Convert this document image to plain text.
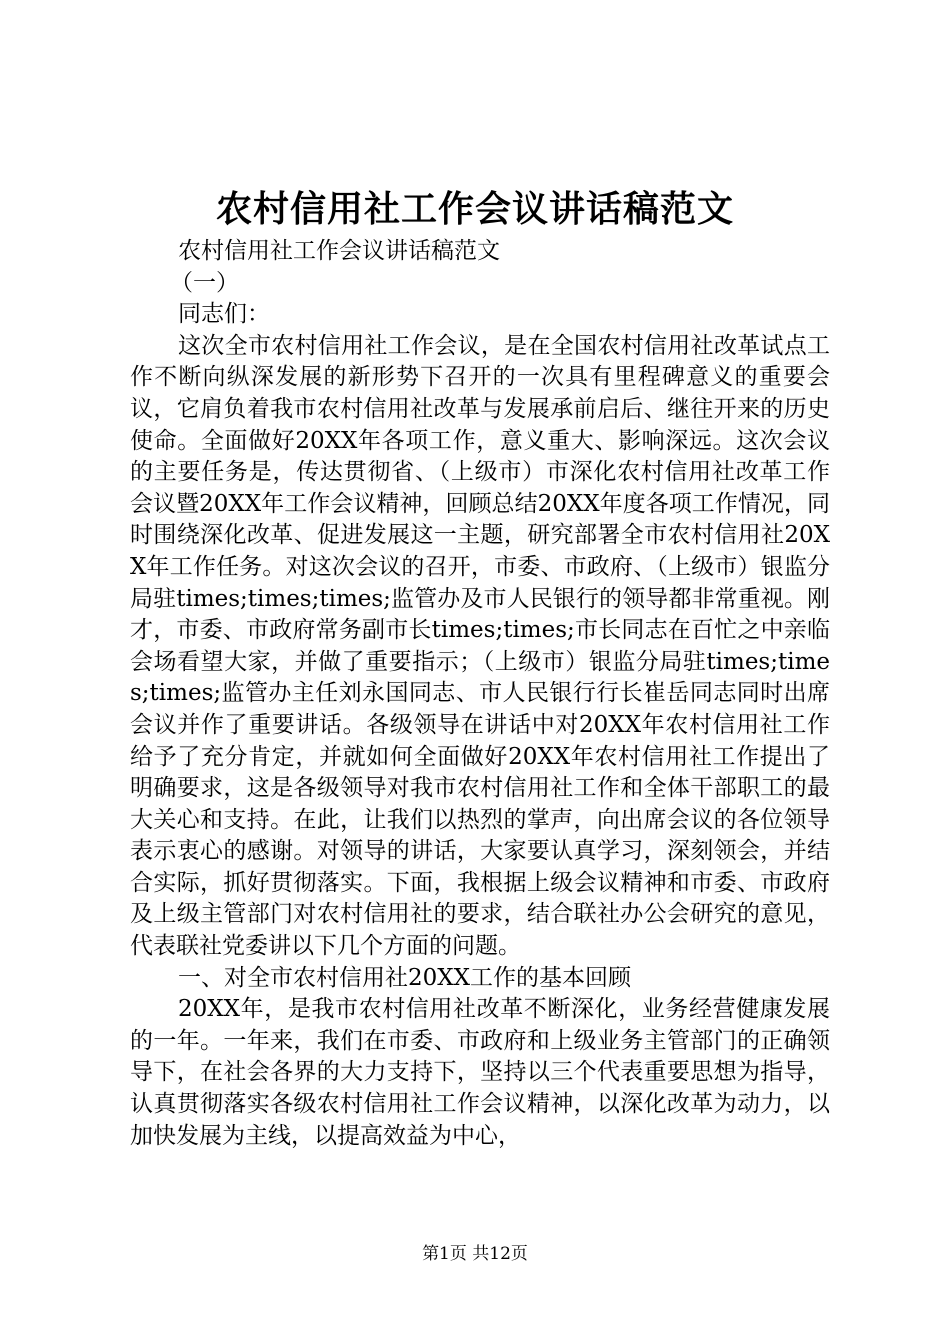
农村信用社工作会议讲话稿范文

农村信用社工作会议讲话稿范文

（一）

同志们：

这次全市农村信用社工作会议，是在全国农村信用社改革试点工作不断向纵深发展的新形势下召开的一次具有里程碑意义的重要会议，它肩负着我市农村信用社改革与发展承前启后、继往开来的历史使命。全面做好20XX年各项工作，意义重大、影响深远。这次会议的主要任务是，传达贯彻省、（上级市）市深化农村信用社改革工作会议暨20XX年工作会议精神，回顾总结20XX年度各项工作情况，同时围绕深化改革、促进发展这一主题，研究部署全市农村信用社20XX年工作任务。对这次会议的召开，市委、市政府、（上级市）银监分局驻times;times;times;监管办及市人民银行的领导都非常重视。刚才，市委、市政府常务副市长times;times;市长同志在百忙之中亲临会场看望大家，并做了重要指示；（上级市）银监分局驻times;times;times;监管办主任刘永国同志、市人民银行行长崔岳同志同时出席会议并作了重要讲话。各级领导在讲话中对20XX年农村信用社工作给予了充分肯定，并就如何全面做好20XX年农村信用社工作提出了明确要求，这是各级领导对我市农村信用社工作和全体干部职工的最大关心和支持。在此，让我们以热烈的掌声，向出席会议的各位领导表示衷心的感谢。对领导的讲话，大家要认真学习，深刻领会，并结合实际，抓好贯彻落实。下面，我根据上级会议精神和市委、市政府及上级主管部门对农村信用社的要求，结合联社办公会研究的意见，代表联社党委讲以下几个方面的问题。

一、对全市农村信用社20XX工作的基本回顾

20XX年，是我市农村信用社改革不断深化，业务经营健康发展的一年。一年来，我们在市委、市政府和上级业务主管部门的正确领导下，在社会各界的大力支持下，坚持以三个代表重要思想为指导，认真贯彻落实各级农村信用社工作会议精神，以深化改革为动力，以加快发展为主线，以提高效益为中心，

第1页 共12页
